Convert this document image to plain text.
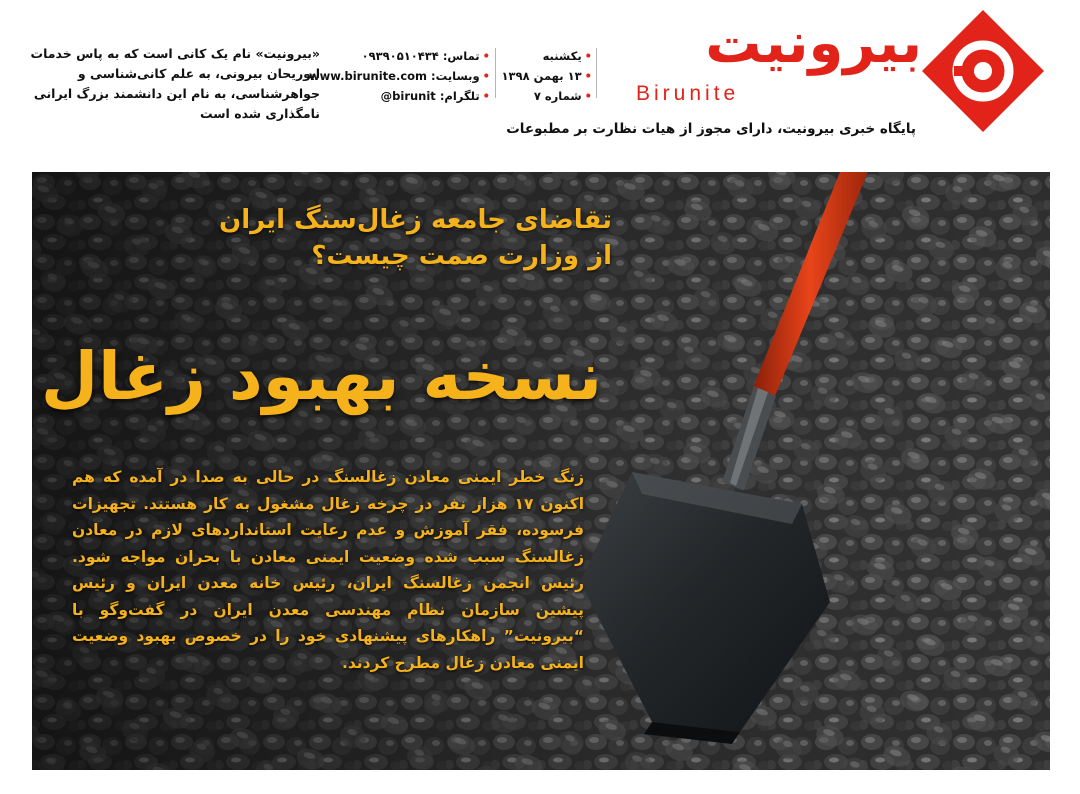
بیرونیت
Birunite
پایگاه خبری بیرونیت، دارای مجوز از هیات نظارت بر مطبوعات
•یکشنبه
•۱۳ بهمن ۱۳۹۸
•شماره ۷
•تماس: ۰۹۳۹۰۵۱۰۴۳۴
•وبسایت: www.birunite.com
•تلگرام: birunit@
«بیرونیت» نام یک کانی است که به پاس خدمات ابوریحان بیرونی، به علم کانی‌شناسی و جواهرشناسی، به نام این دانشمند بزرگ ایرانی نامگذاری شده است
تقاضای جامعه زغال‌سنگ ایران
از وزارت صمت چیست؟
نسخه بهبود زغال
زنگ خطر ایمنی معادن زغالسنگ در حالی به صدا در آمده که هم اکنون ۱۷ هزار نفر در چرخه زغال مشغول به کار هستند. تجهیزات فرسوده، فقر آموزش و عدم رعایت استانداردهای لازم در معادن زغالسنگ سبب شده وضعیت ایمنی معادن با بحران مواجه شود. رئیس انجمن زغالسنگ ایران، رئیس خانه معدن ایران و رئیس پیشین سازمان نظام مهندسی معدن ایران در گفت‌وگو با “بیرونیت” راهکارهای پیشنهادی خود را در خصوص بهبود وضعیت ایمنی معادن زغال مطرح کردند.
